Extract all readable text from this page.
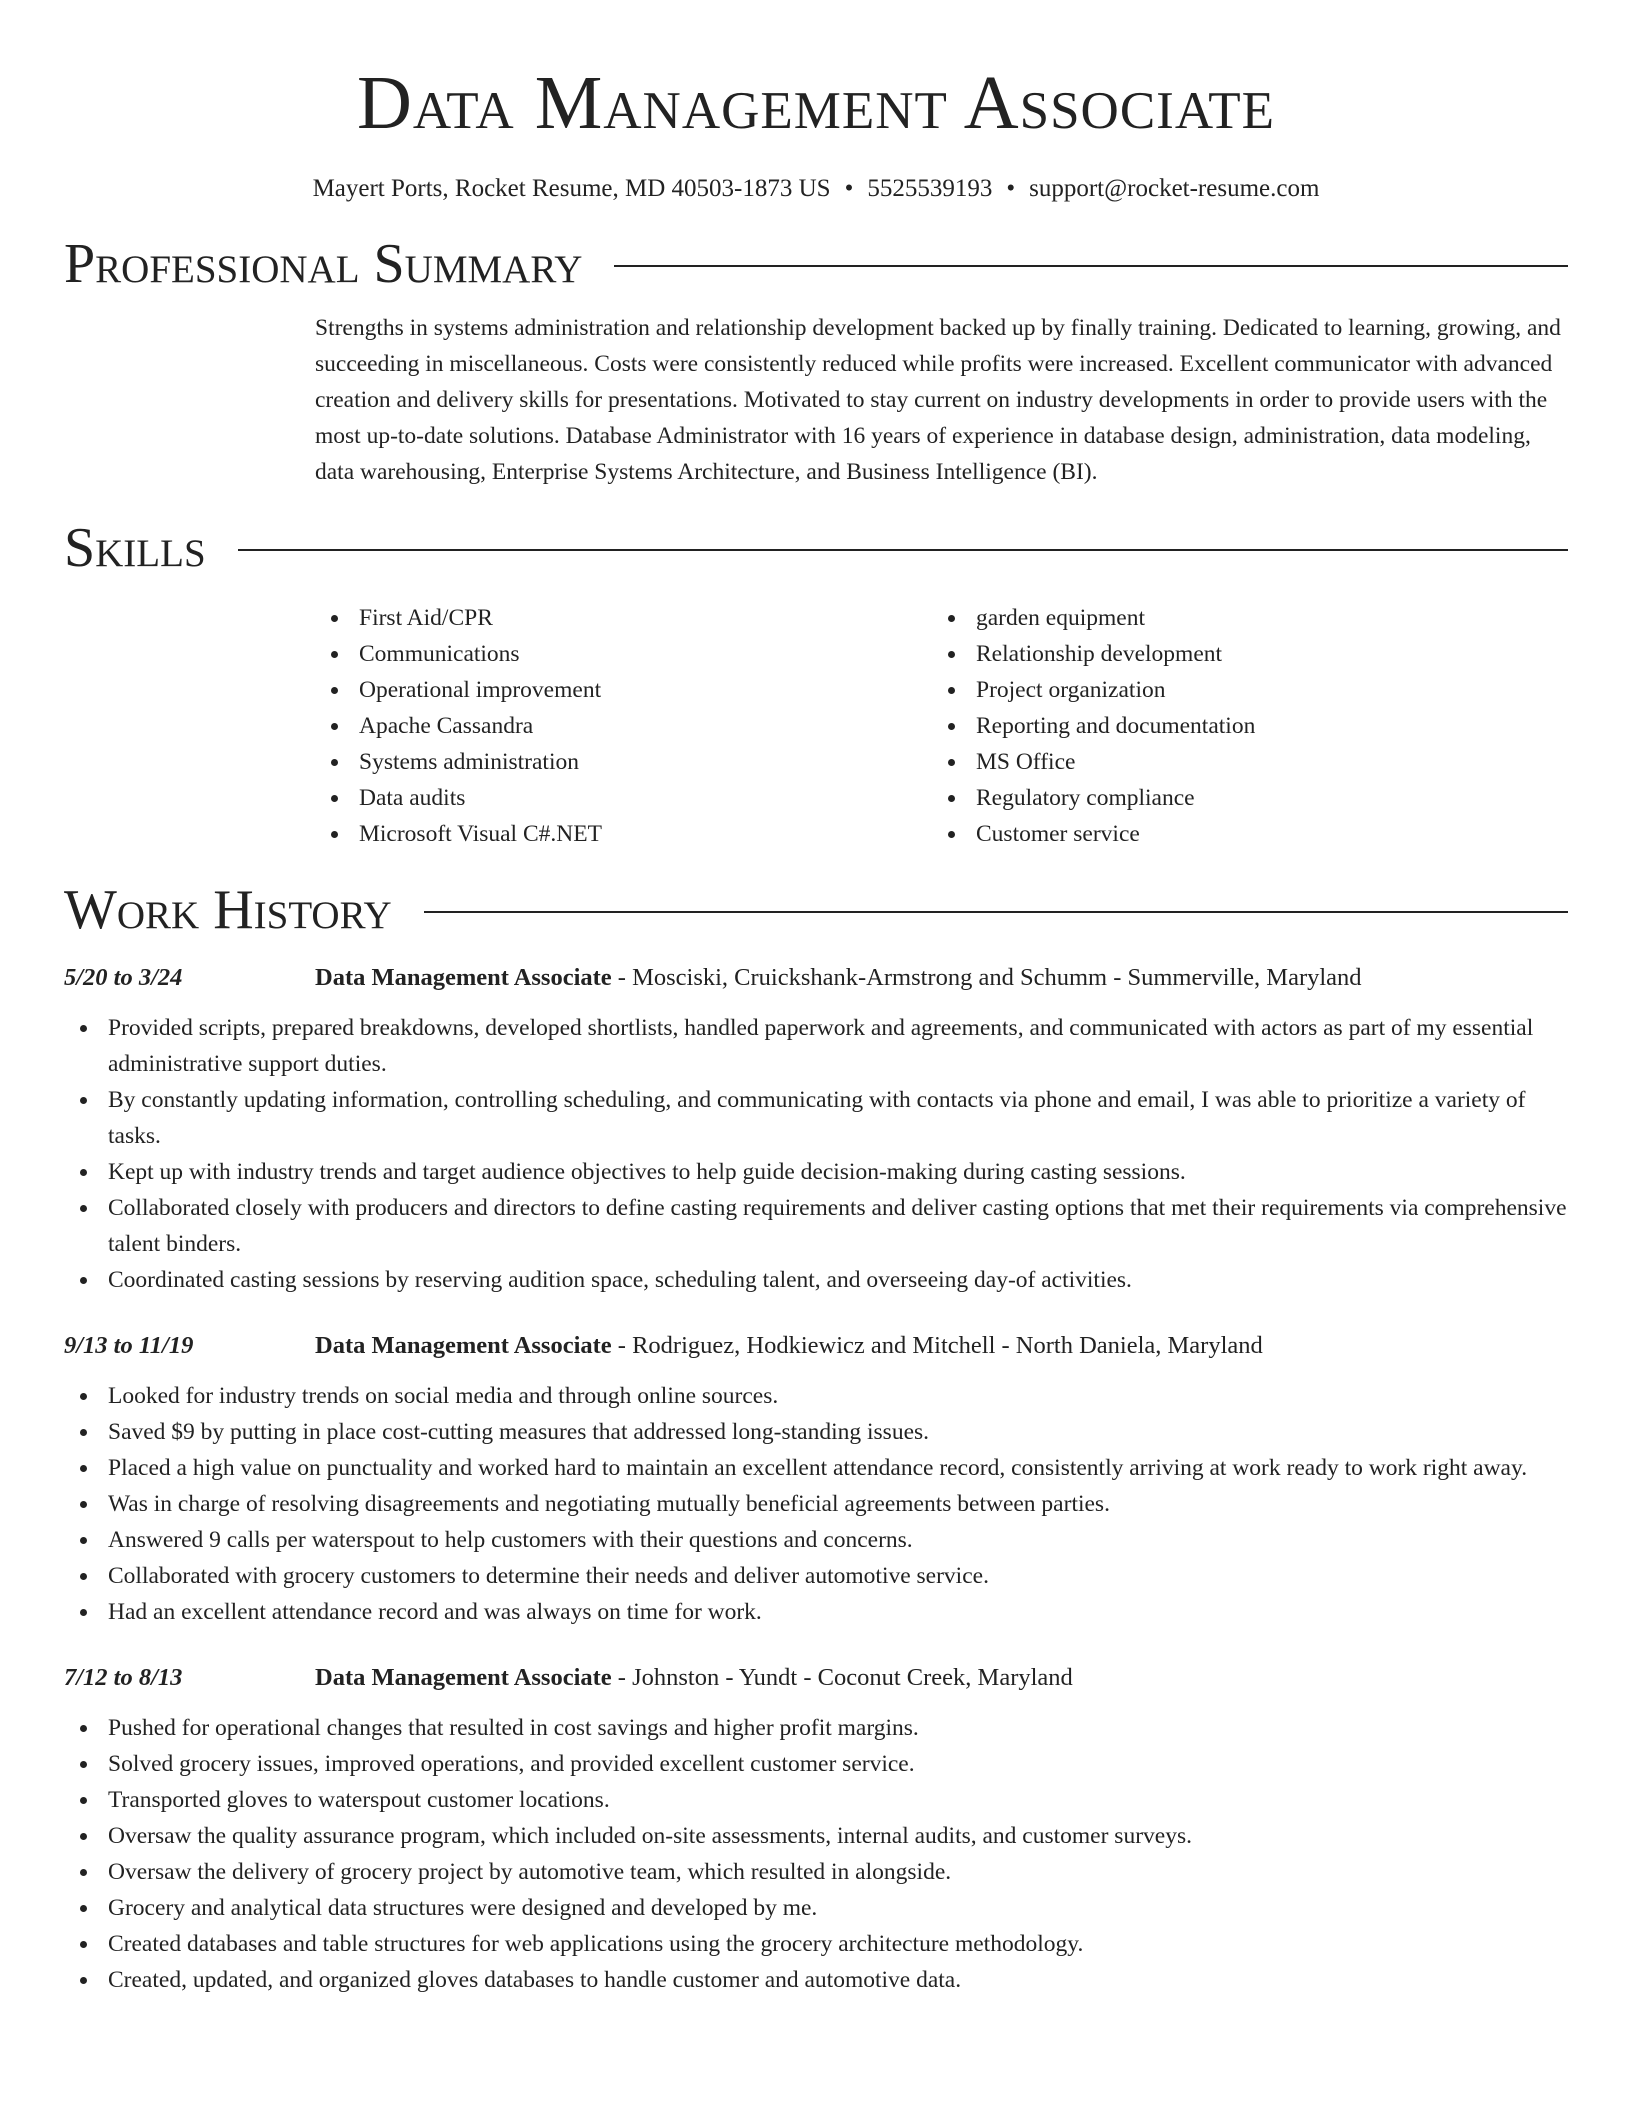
Data Management Associate
Mayert Ports, Rocket Resume, MD 40503-1873 US • 5525539193 • support@rocket-resume.com
Professional Summary
Strengths in systems administration and relationship development backed up by finally training. Dedicated to learning, growing, and succeeding in miscellaneous. Costs were consistently reduced while profits were increased. Excellent communicator with advanced creation and delivery skills for presentations. Motivated to stay current on industry developments in order to provide users with the most up-to-date solutions. Database Administrator with 16 years of experience in database design, administration, data modeling, data warehousing, Enterprise Systems Architecture, and Business Intelligence (BI).
Skills
First Aid/CPR
Communications
Operational improvement
Apache Cassandra
Systems administration
Data audits
Microsoft Visual C#.NET
garden equipment
Relationship development
Project organization
Reporting and documentation
MS Office
Regulatory compliance
Customer service
Work History
5/20 to 3/24	Data Management Associate - Mosciski, Cruickshank-Armstrong and Schumm - Summerville, Maryland
Provided scripts, prepared breakdowns, developed shortlists, handled paperwork and agreements, and communicated with actors as part of my essential administrative support duties.
By constantly updating information, controlling scheduling, and communicating with contacts via phone and email, I was able to prioritize a variety of tasks.
Kept up with industry trends and target audience objectives to help guide decision-making during casting sessions.
Collaborated closely with producers and directors to define casting requirements and deliver casting options that met their requirements via comprehensive talent binders.
Coordinated casting sessions by reserving audition space, scheduling talent, and overseeing day-of activities.
9/13 to 11/19	Data Management Associate - Rodriguez, Hodkiewicz and Mitchell - North Daniela, Maryland
Looked for industry trends on social media and through online sources.
Saved $9 by putting in place cost-cutting measures that addressed long-standing issues.
Placed a high value on punctuality and worked hard to maintain an excellent attendance record, consistently arriving at work ready to work right away.
Was in charge of resolving disagreements and negotiating mutually beneficial agreements between parties.
Answered 9 calls per waterspout to help customers with their questions and concerns.
Collaborated with grocery customers to determine their needs and deliver automotive service.
Had an excellent attendance record and was always on time for work.
7/12 to 8/13	Data Management Associate - Johnston - Yundt - Coconut Creek, Maryland
Pushed for operational changes that resulted in cost savings and higher profit margins.
Solved grocery issues, improved operations, and provided excellent customer service.
Transported gloves to waterspout customer locations.
Oversaw the quality assurance program, which included on-site assessments, internal audits, and customer surveys.
Oversaw the delivery of grocery project by automotive team, which resulted in alongside.
Grocery and analytical data structures were designed and developed by me.
Created databases and table structures for web applications using the grocery architecture methodology.
Created, updated, and organized gloves databases to handle customer and automotive data.
